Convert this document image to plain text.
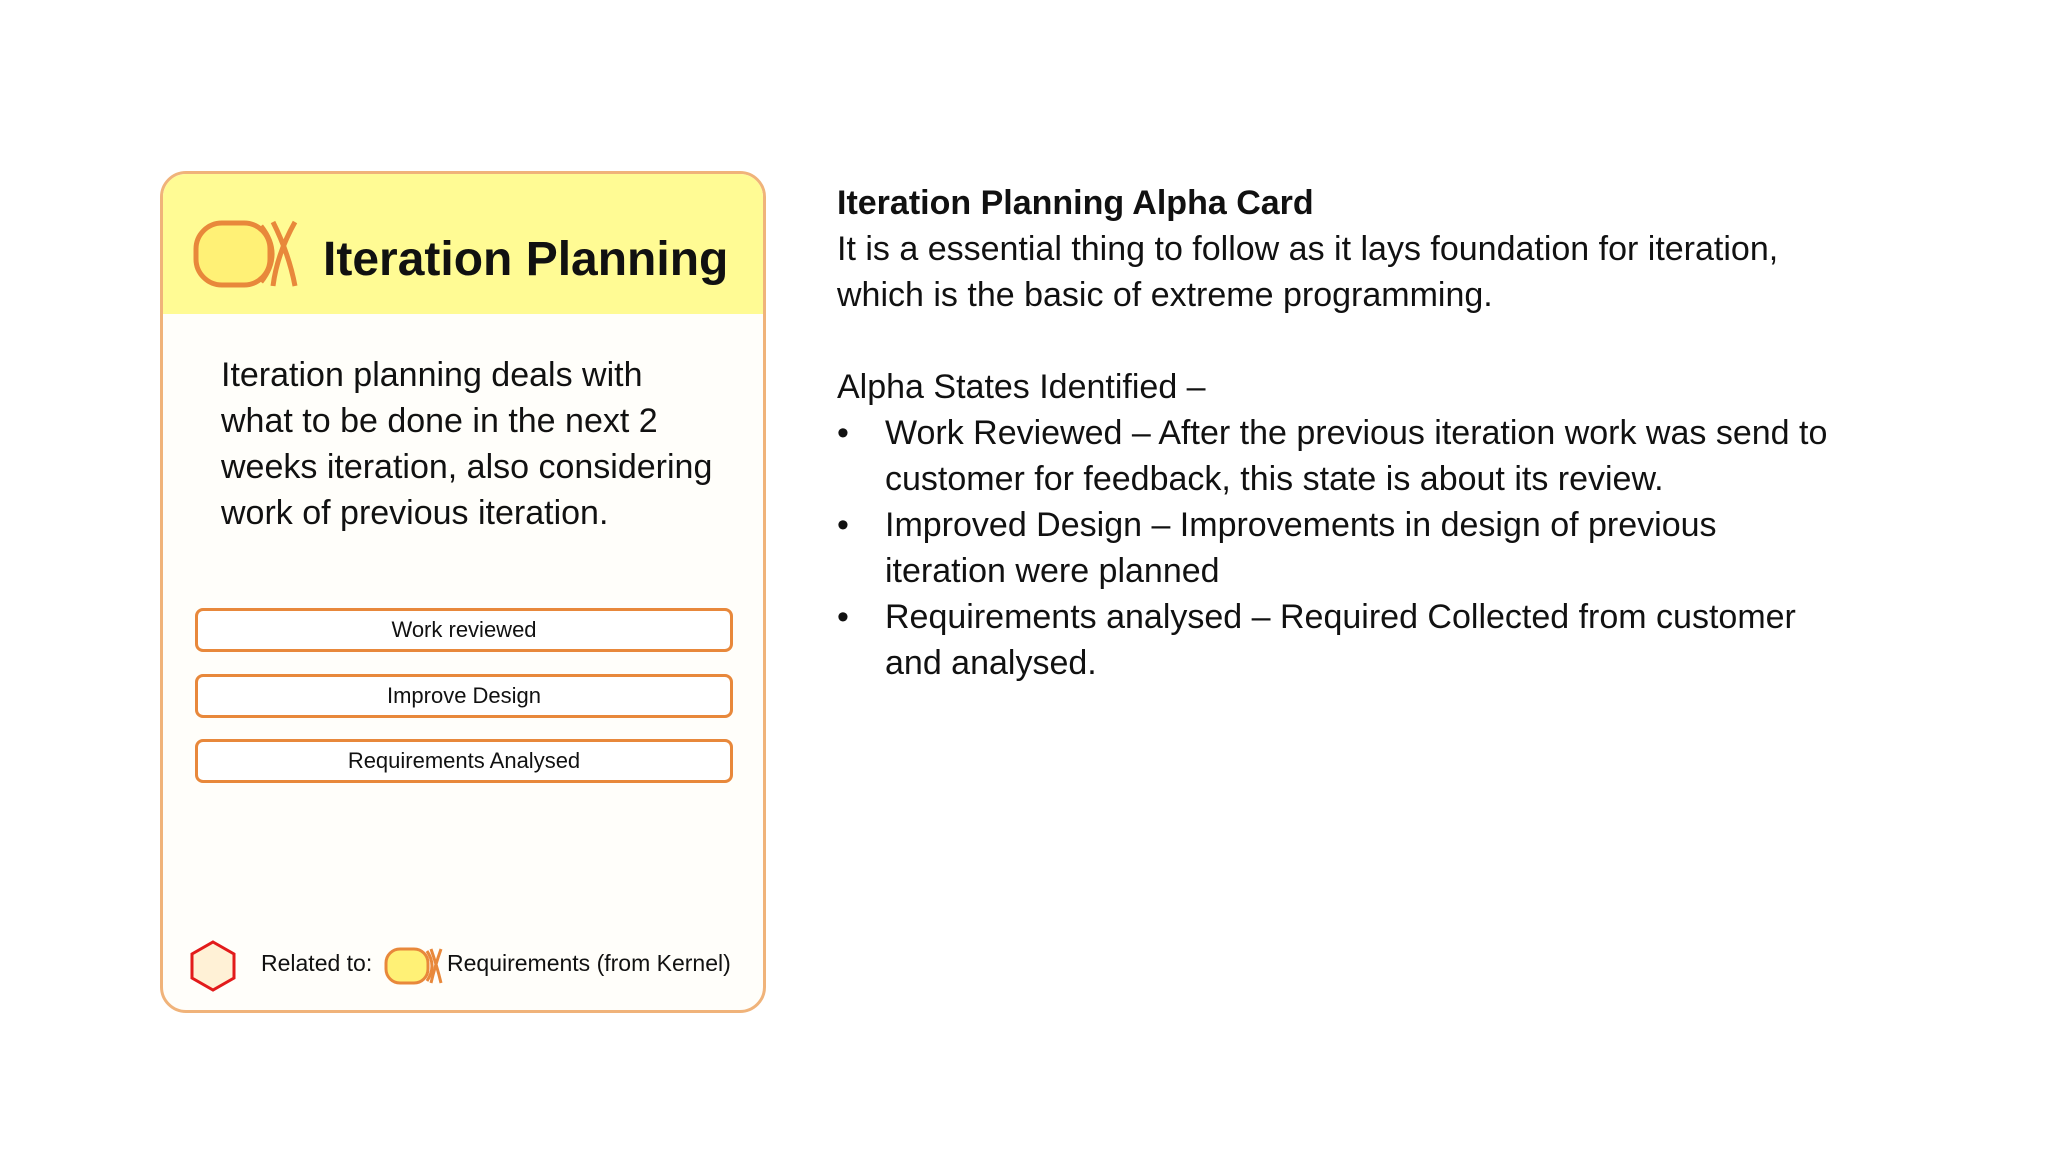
Iteration Planning
Iteration planning deals with what to be done in the next 2 weeks iteration, also considering work of previous iteration.
Work reviewed
Improve Design
Requirements Analysed
Related to:	Requirements (from Kernel)

Iteration Planning Alpha Card

It is a essential thing to follow as it lays foundation for iteration, which is the basic of extreme programming.

Alpha States Identified –

• Work Reviewed – After the previous iteration work was send to customer for feedback, this state is about its review.
• Improved Design – Improvements in design of previous iteration were planned
• Requirements analysed – Required Collected from customer and analysed.
